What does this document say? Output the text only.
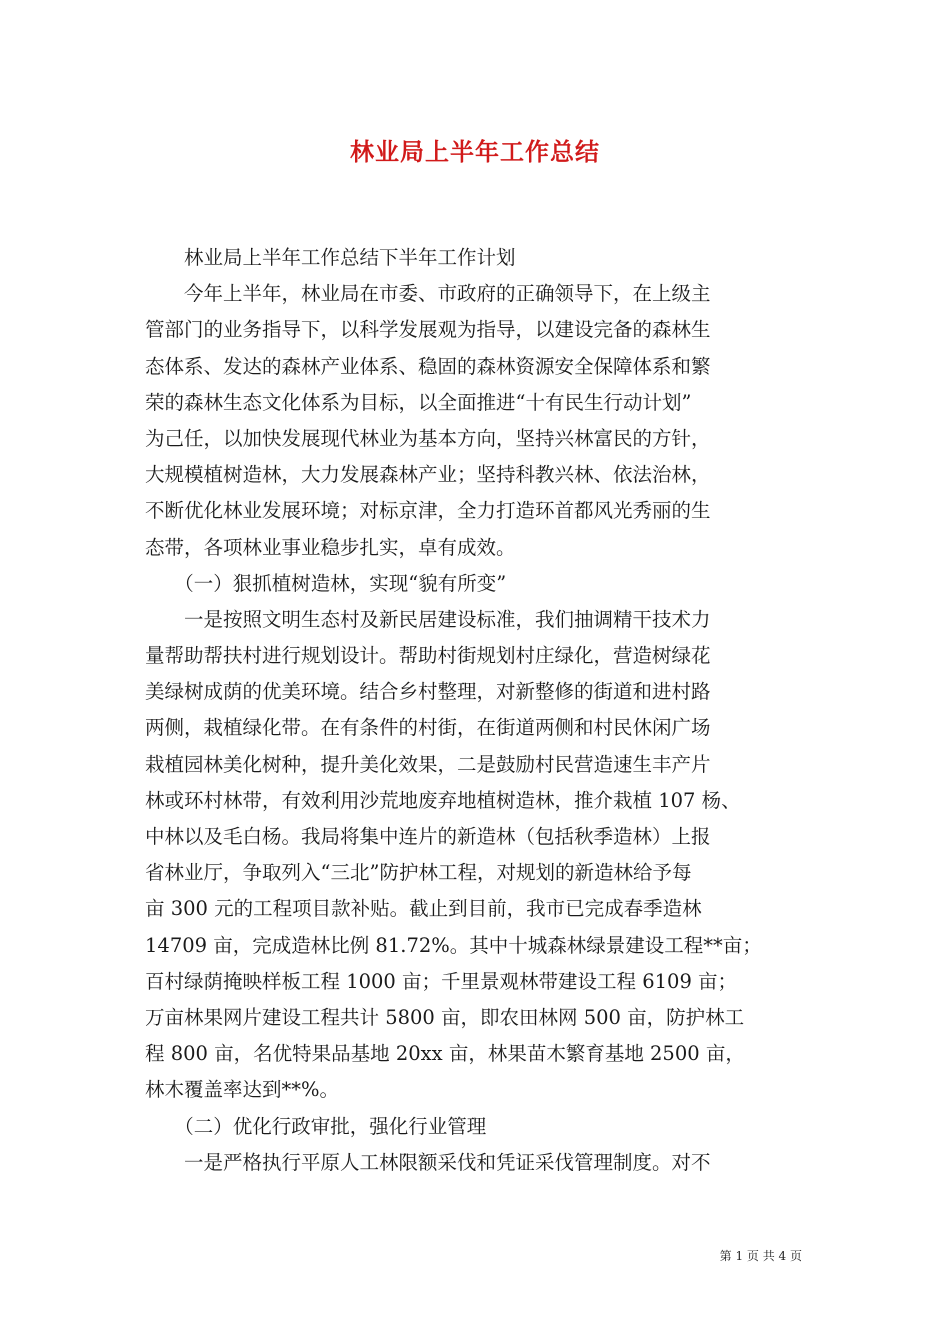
林业局上半年工作总结
　　林业局上半年工作总结下半年工作计划
　　今年上半年，林业局在市委、市政府的正确领导下，在上级主
管部门的业务指导下，以科学发展观为指导，以建设完备的森林生
态体系、发达的森林产业体系、稳固的森林资源安全保障体系和繁
荣的森林生态文化体系为目标，以全面推进“十有民生行动计划”
为己任，以加快发展现代林业为基本方向，坚持兴林富民的方针，
大规模植树造林，大力发展森林产业；坚持科教兴林、依法治林，
不断优化林业发展环境；对标京津，全力打造环首都风光秀丽的生
态带，各项林业事业稳步扎实，卓有成效。
　　（一）狠抓植树造林，实现“貌有所变”
　　一是按照文明生态村及新民居建设标准，我们抽调精干技术力
量帮助帮扶村进行规划设计。帮助村街规划村庄绿化，营造树绿花
美绿树成荫的优美环境。结合乡村整理，对新整修的街道和进村路
两侧，栽植绿化带。在有条件的村街，在街道两侧和村民休闲广场
栽植园林美化树种，提升美化效果，二是鼓励村民营造速生丰产片
林或环村林带，有效利用沙荒地废弃地植树造林，推介栽植 107 杨、
中林以及毛白杨。我局将集中连片的新造林（包括秋季造林）上报
省林业厅，争取列入“三北”防护林工程，对规划的新造林给予每
亩 300 元的工程项目款补贴。截止到目前，我市已完成春季造林
14709 亩，完成造林比例 81.72%。其中十城森林绿景建设工程**亩；
百村绿荫掩映样板工程 1000 亩；千里景观林带建设工程 6109 亩；
万亩林果网片建设工程共计 5800 亩，即农田林网 500 亩，防护林工
程 800 亩，名优特果品基地 20xx 亩，林果苗木繁育基地 2500 亩，
林木覆盖率达到**%。
　　（二）优化行政审批，强化行业管理
　　一是严格执行平原人工林限额采伐和凭证采伐管理制度。对不
第 1 页 共 4 页
